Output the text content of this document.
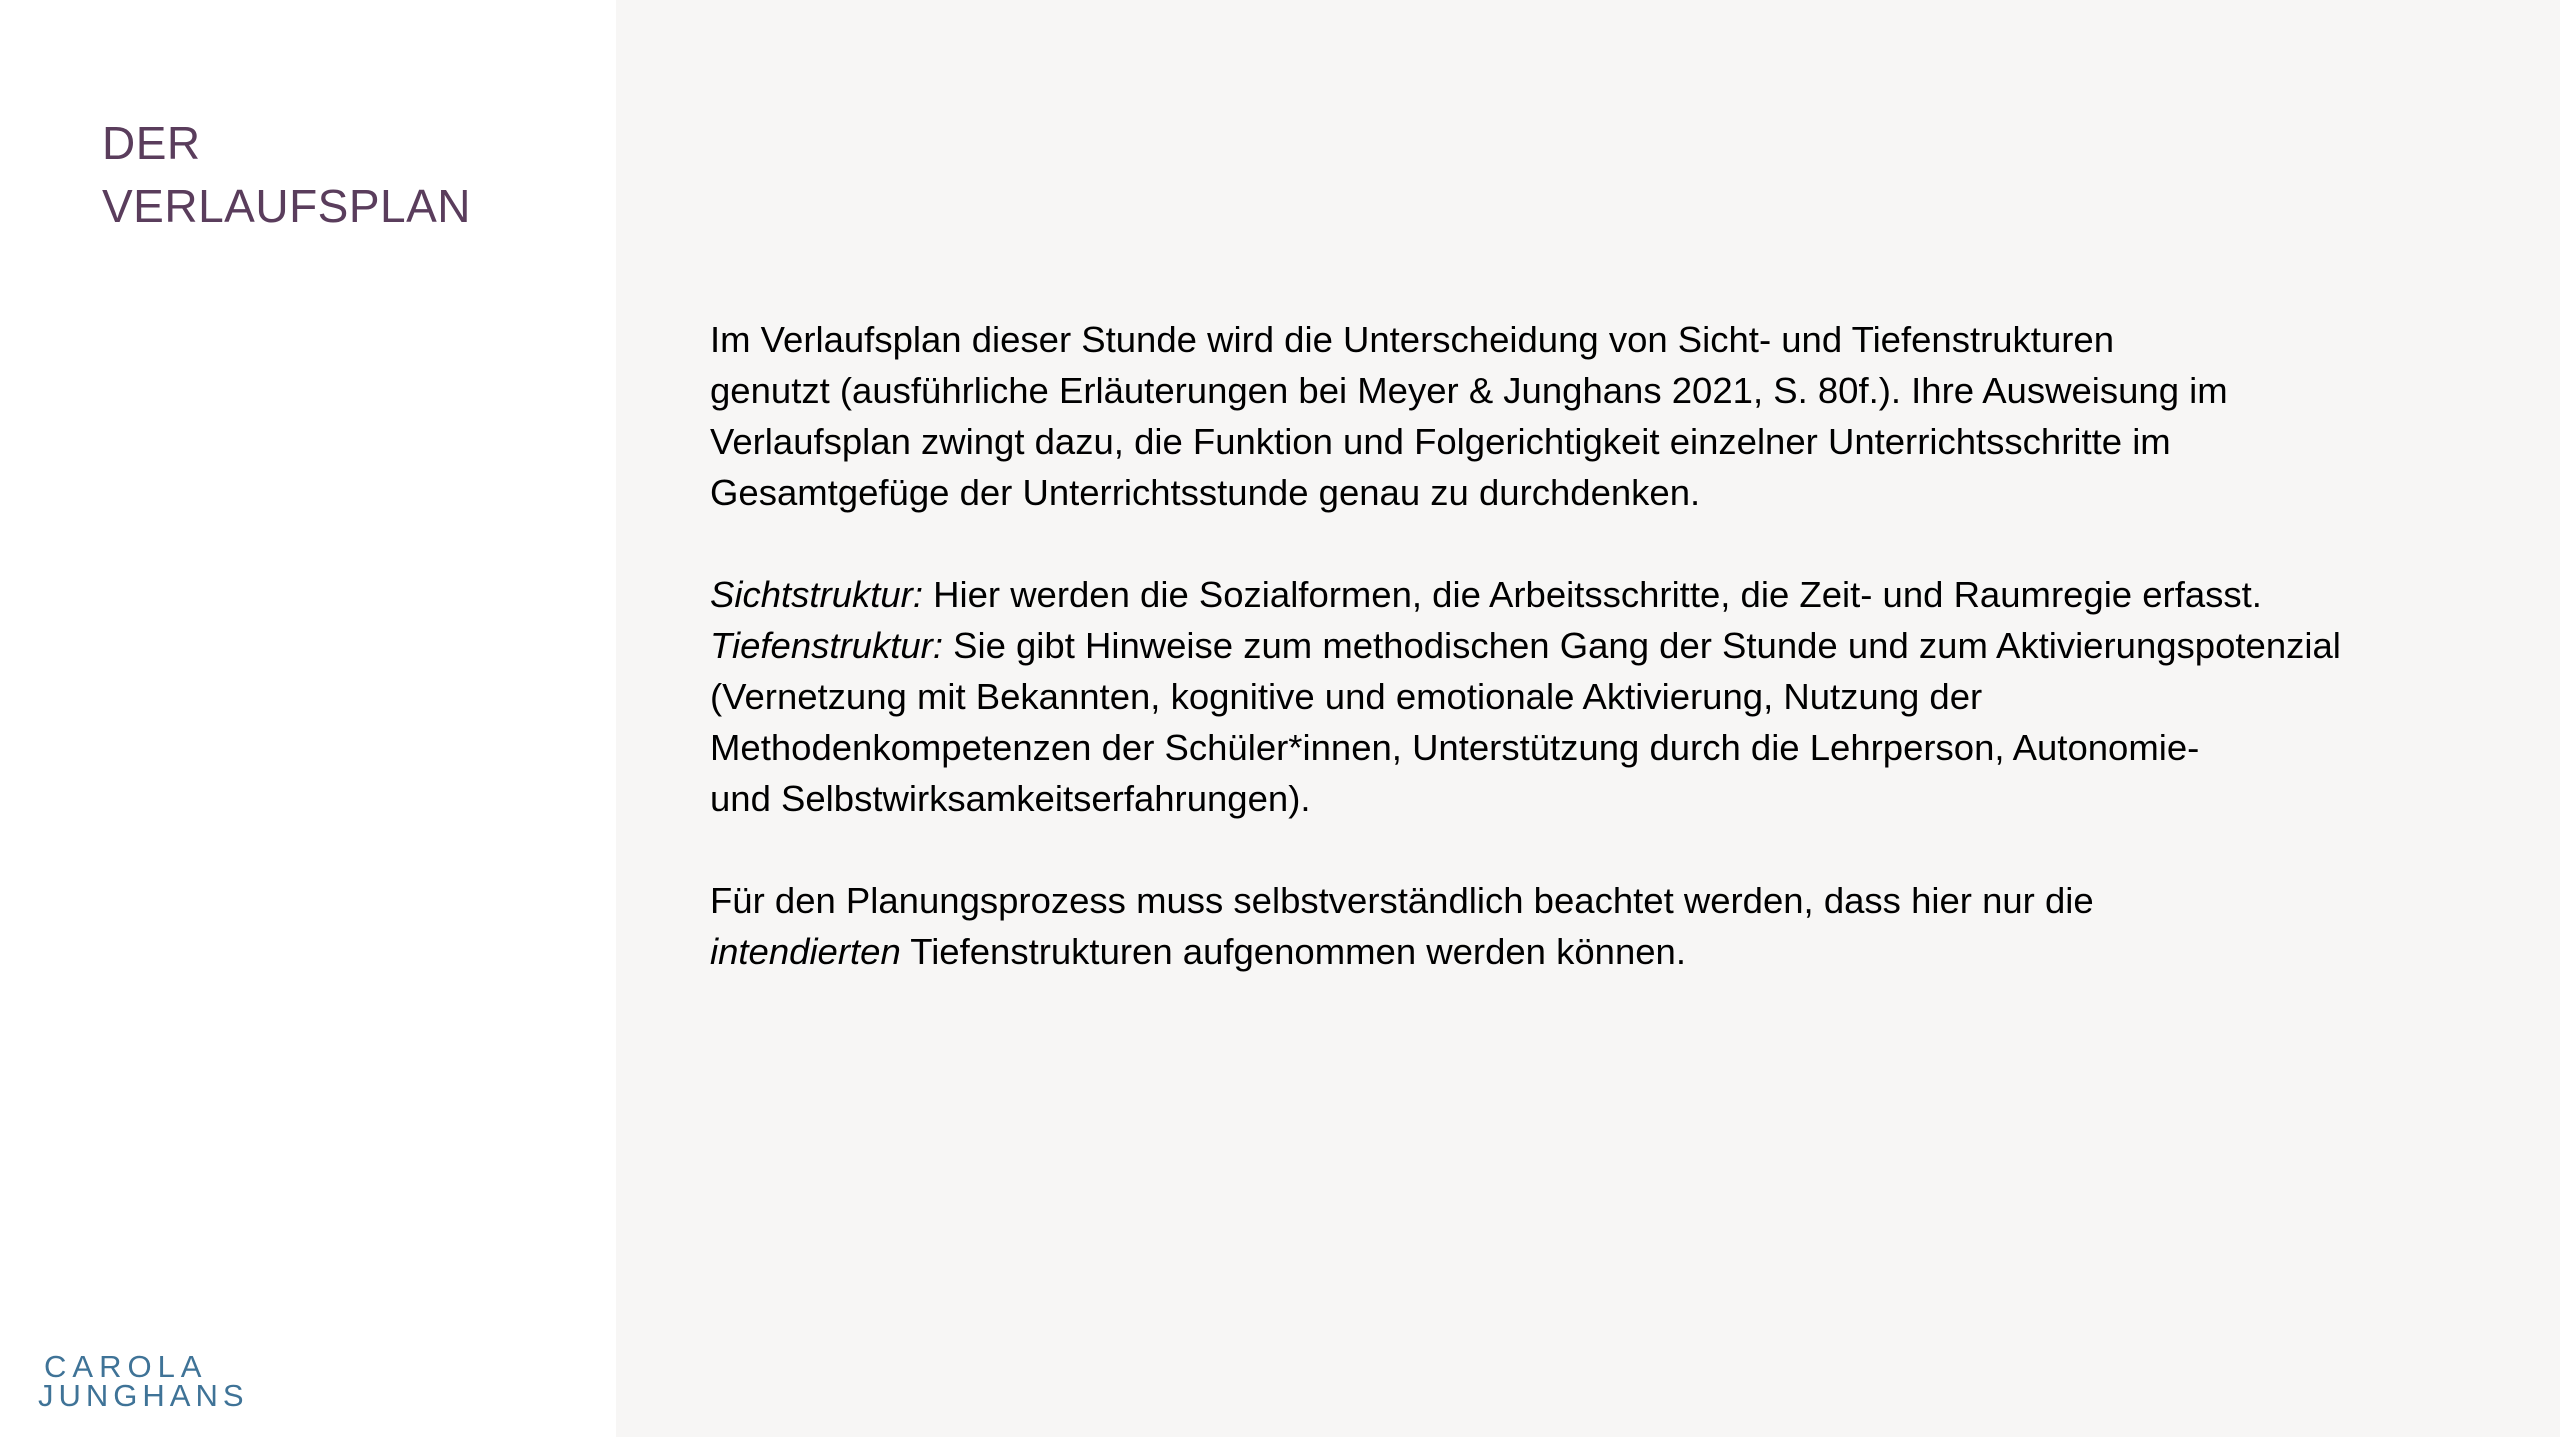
DER
VERLAUFSPLAN
CAROLA
JUNGHANS

Im Verlaufsplan dieser Stunde wird die Unterscheidung von Sicht- und Tiefenstrukturen
genutzt (ausführliche Erläuterungen bei Meyer & Junghans 2021, S. 80f.). Ihre Ausweisung im
Verlaufsplan zwingt dazu, die Funktion und Folgerichtigkeit einzelner Unterrichtsschritte im
Gesamtgefüge der Unterrichtsstunde genau zu durchdenken.

Sichtstruktur: Hier werden die Sozialformen, die Arbeitsschritte, die Zeit- und Raumregie erfasst.
Tiefenstruktur: Sie gibt Hinweise zum methodischen Gang der Stunde und zum Aktivierungspotenzial
(Vernetzung mit Bekannten, kognitive und emotionale Aktivierung, Nutzung der
Methodenkompetenzen der Schüler*innen, Unterstützung durch die Lehrperson, Autonomie-
und Selbstwirksamkeitserfahrungen).

Für den Planungsprozess muss selbstverständlich beachtet werden, dass hier nur die
intendierten Tiefenstrukturen aufgenommen werden können.
